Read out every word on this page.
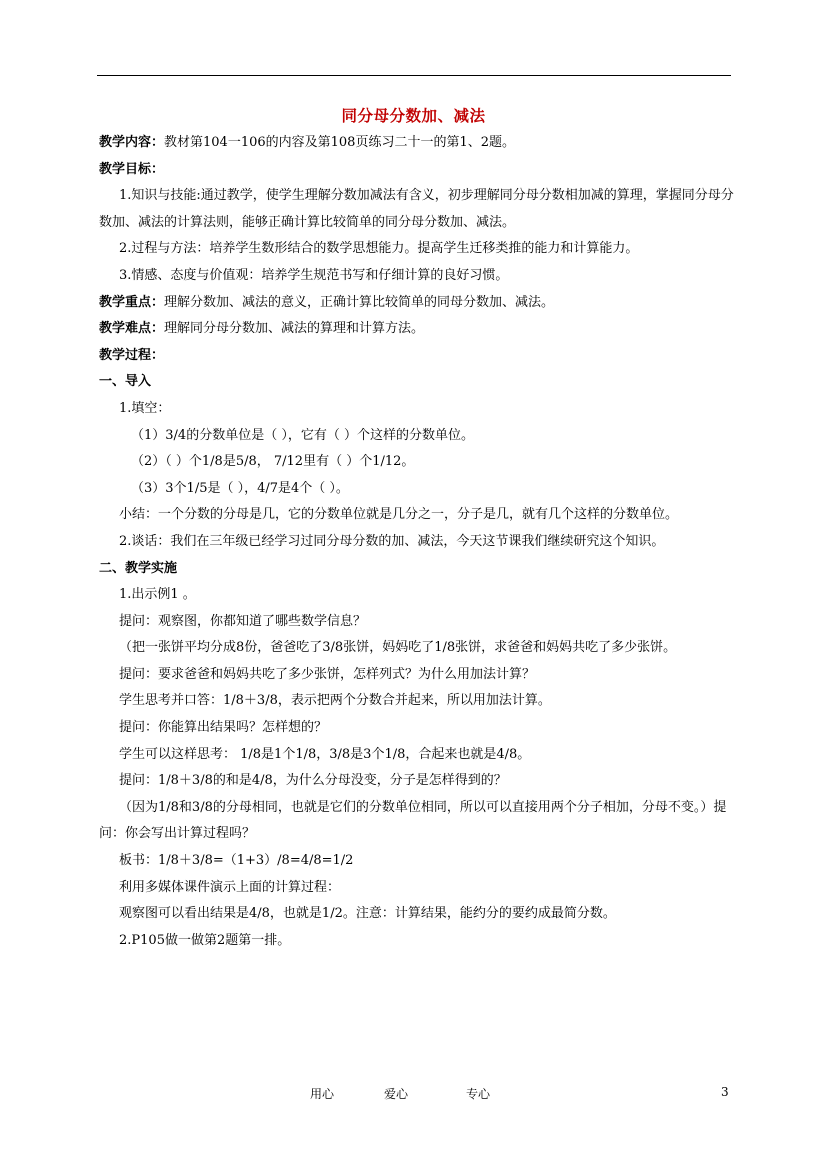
同分母分数加、减法

教学内容：教材第104一106的内容及第108页练习二十一的第1、2题。

教学目标：

1.知识与技能:通过教学，使学生理解分数加减法有含义，初步理解同分母分数相加减的算理，掌握同分母分数加、减法的计算法则，能够正确计算比较简单的同分母分数加、减法。

2.过程与方法：培养学生数形结合的数学思想能力。提高学生迁移类推的能力和计算能力。

3.情感、态度与价值观：培养学生规范书写和仔细计算的良好习惯。

教学重点：理解分数加、减法的意义，正确计算比较简单的同母分数加、减法。

教学难点：理解同分母分数加、减法的算理和计算方法。

教学过程：

一、导入

1.填空：

（1）3/4的分数单位是（ ），它有（ ）个这样的分数单位。

（2）（ ）个1/8是5/8， 7/12里有（ ）个1/12。

（3）3个1/5是（ ），4/7是4个（ ）。

小结：一个分数的分母是几，它的分数单位就是几分之一，分子是几，就有几个这样的分数单位。

2.谈话：我们在三年级已经学习过同分母分数的加、减法，今天这节课我们继续研究这个知识。

二、教学实施

1.出示例1 。

提问：观察图，你都知道了哪些数学信息？

（把一张饼平均分成8份，爸爸吃了3/8张饼，妈妈吃了1/8张饼，求爸爸和妈妈共吃了多少张饼。

提问：要求爸爸和妈妈共吃了多少张饼，怎样列式？为什么用加法计算？

学生思考并口答：1/8＋3/8，表示把两个分数合并起来，所以用加法计算。

提问：你能算出结果吗？怎样想的？

学生可以这样思考： 1/8是1个1/8，3/8是3个1/8，合起来也就是4/8。

提问：1/8＋3/8的和是4/8，为什么分母没变，分子是怎样得到的？

（因为1/8和3/8的分母相同，也就是它们的分数单位相同，所以可以直接用两个分子相加，分母不变。）提问：你会写出计算过程吗？

板书：1/8＋3/8=（1+3）/8=4/8=1/2

利用多媒体课件演示上面的计算过程：

观察图可以看出结果是4/8，也就是1/2。注意：计算结果，能约分的要约成最简分数。

2.P105做一做第2题第一排。

用心	爱心	专心	3
